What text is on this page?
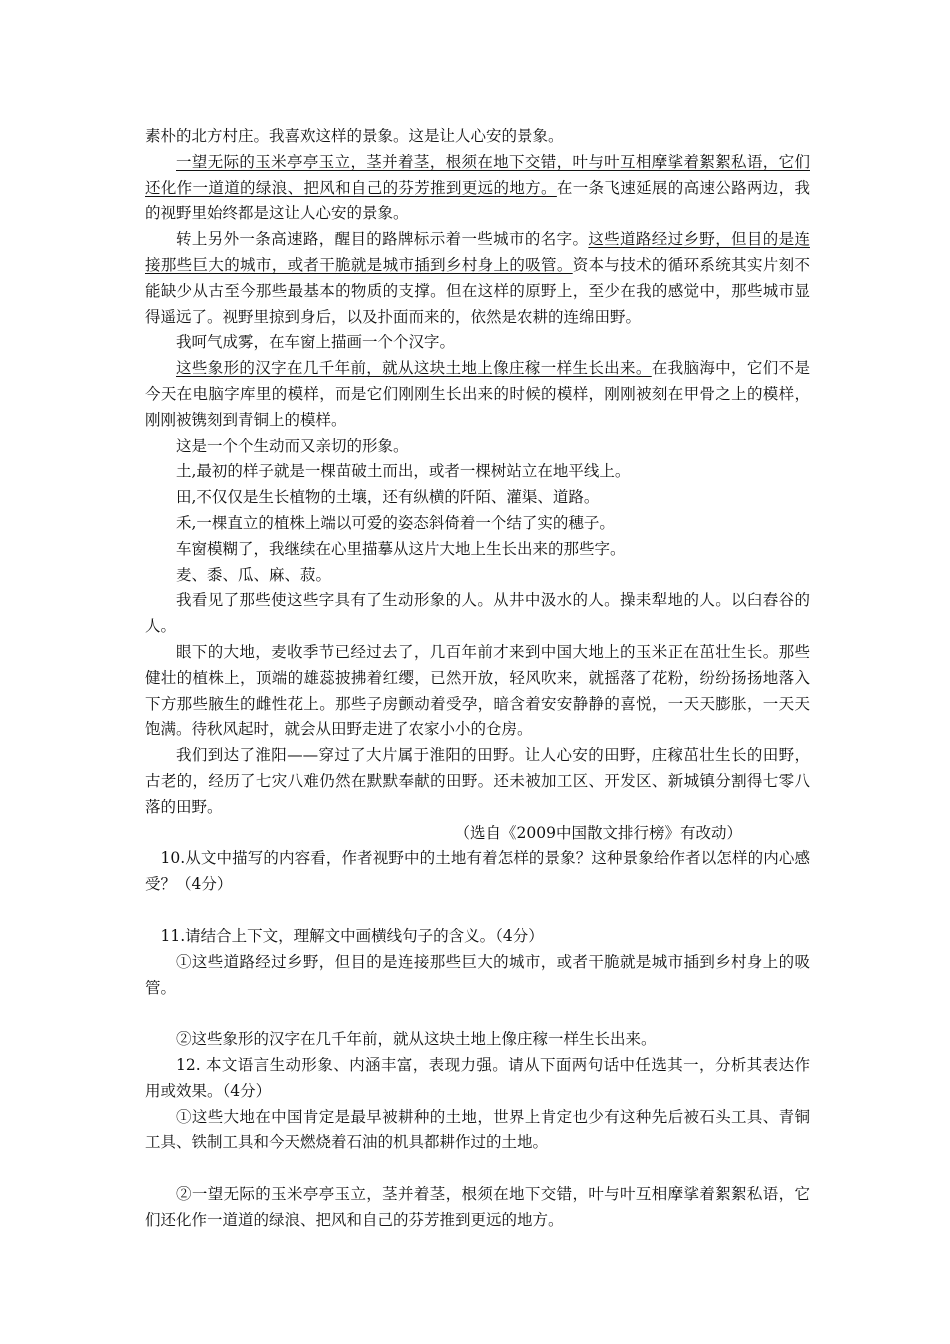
素朴的北方村庄。我喜欢这样的景象。这是让人心安的景象。

一望无际的玉米亭亭玉立，茎并着茎，根须在地下交错，叶与叶互相摩挲着絮絮私语，它们还化作一道道的绿浪、把风和自己的芬芳推到更远的地方。在一条飞速延展的高速公路两边，我的视野里始终都是这让人心安的景象。

转上另外一条高速路，醒目的路牌标示着一些城市的名字。这些道路经过乡野，但目的是连接那些巨大的城市，或者干脆就是城市插到乡村身上的吸管。资本与技术的循环系统其实片刻不能缺少从古至今那些最基本的物质的支撑。但在这样的原野上，至少在我的感觉中，那些城市显得遥远了。视野里掠到身后，以及扑面而来的，依然是农耕的连绵田野。

我呵气成雾，在车窗上描画一个个汉字。

这些象形的汉字在几千年前，就从这块土地上像庄稼一样生长出来。在我脑海中，它们不是今天在电脑字库里的模样，而是它们刚刚生长出来的时候的模样，刚刚被刻在甲骨之上的模样，刚刚被镌刻到青铜上的模样。

这是一个个生动而又亲切的形象。

土,最初的样子就是一棵苗破土而出，或者一棵树站立在地平线上。

田,不仅仅是生长植物的土壤，还有纵横的阡陌、灌渠、道路。

禾,一棵直立的植株上端以可爱的姿态斜倚着一个结了实的穗子。

车窗模糊了，我继续在心里描摹从这片大地上生长出来的那些字。

麦、黍、瓜、麻、菽。

我看见了那些使这些字具有了生动形象的人。从井中汲水的人。操耒犁地的人。以臼舂谷的人。

眼下的大地，麦收季节已经过去了，几百年前才来到中国大地上的玉米正在茁壮生长。那些健壮的植株上，顶端的雄蕊披拂着红缨，已然开放，轻风吹来，就摇落了花粉，纷纷扬扬地落入下方那些腋生的雌性花上。那些子房颤动着受孕，暗含着安安静静的喜悦，一天天膨胀，一天天饱满。待秋风起时，就会从田野走进了农家小小的仓房。

我们到达了淮阳——穿过了大片属于淮阳的田野。让人心安的田野，庄稼茁壮生长的田野，古老的，经历了七灾八难仍然在默默奉献的田野。还未被加工区、开发区、新城镇分割得七零八落的田野。

（选自《2009中国散文排行榜》有改动）

10.从文中描写的内容看，作者视野中的土地有着怎样的景象？这种景象给作者以怎样的内心感受？（4分）

11.请结合上下文，理解文中画横线句子的含义。（4分）

①这些道路经过乡野，但目的是连接那些巨大的城市，或者干脆就是城市插到乡村身上的吸管。

②这些象形的汉字在几千年前，就从这块土地上像庄稼一样生长出来。

12. 本文语言生动形象、内涵丰富，表现力强。请从下面两句话中任选其一，分析其表达作用或效果。（4分）

①这些大地在中国肯定是最早被耕种的土地，世界上肯定也少有这种先后被石头工具、青铜工具、铁制工具和今天燃烧着石油的机具都耕作过的土地。

②一望无际的玉米亭亭玉立，茎并着茎，根须在地下交错，叶与叶互相摩挲着絮絮私语，它们还化作一道道的绿浪、把风和自己的芬芳推到更远的地方。
